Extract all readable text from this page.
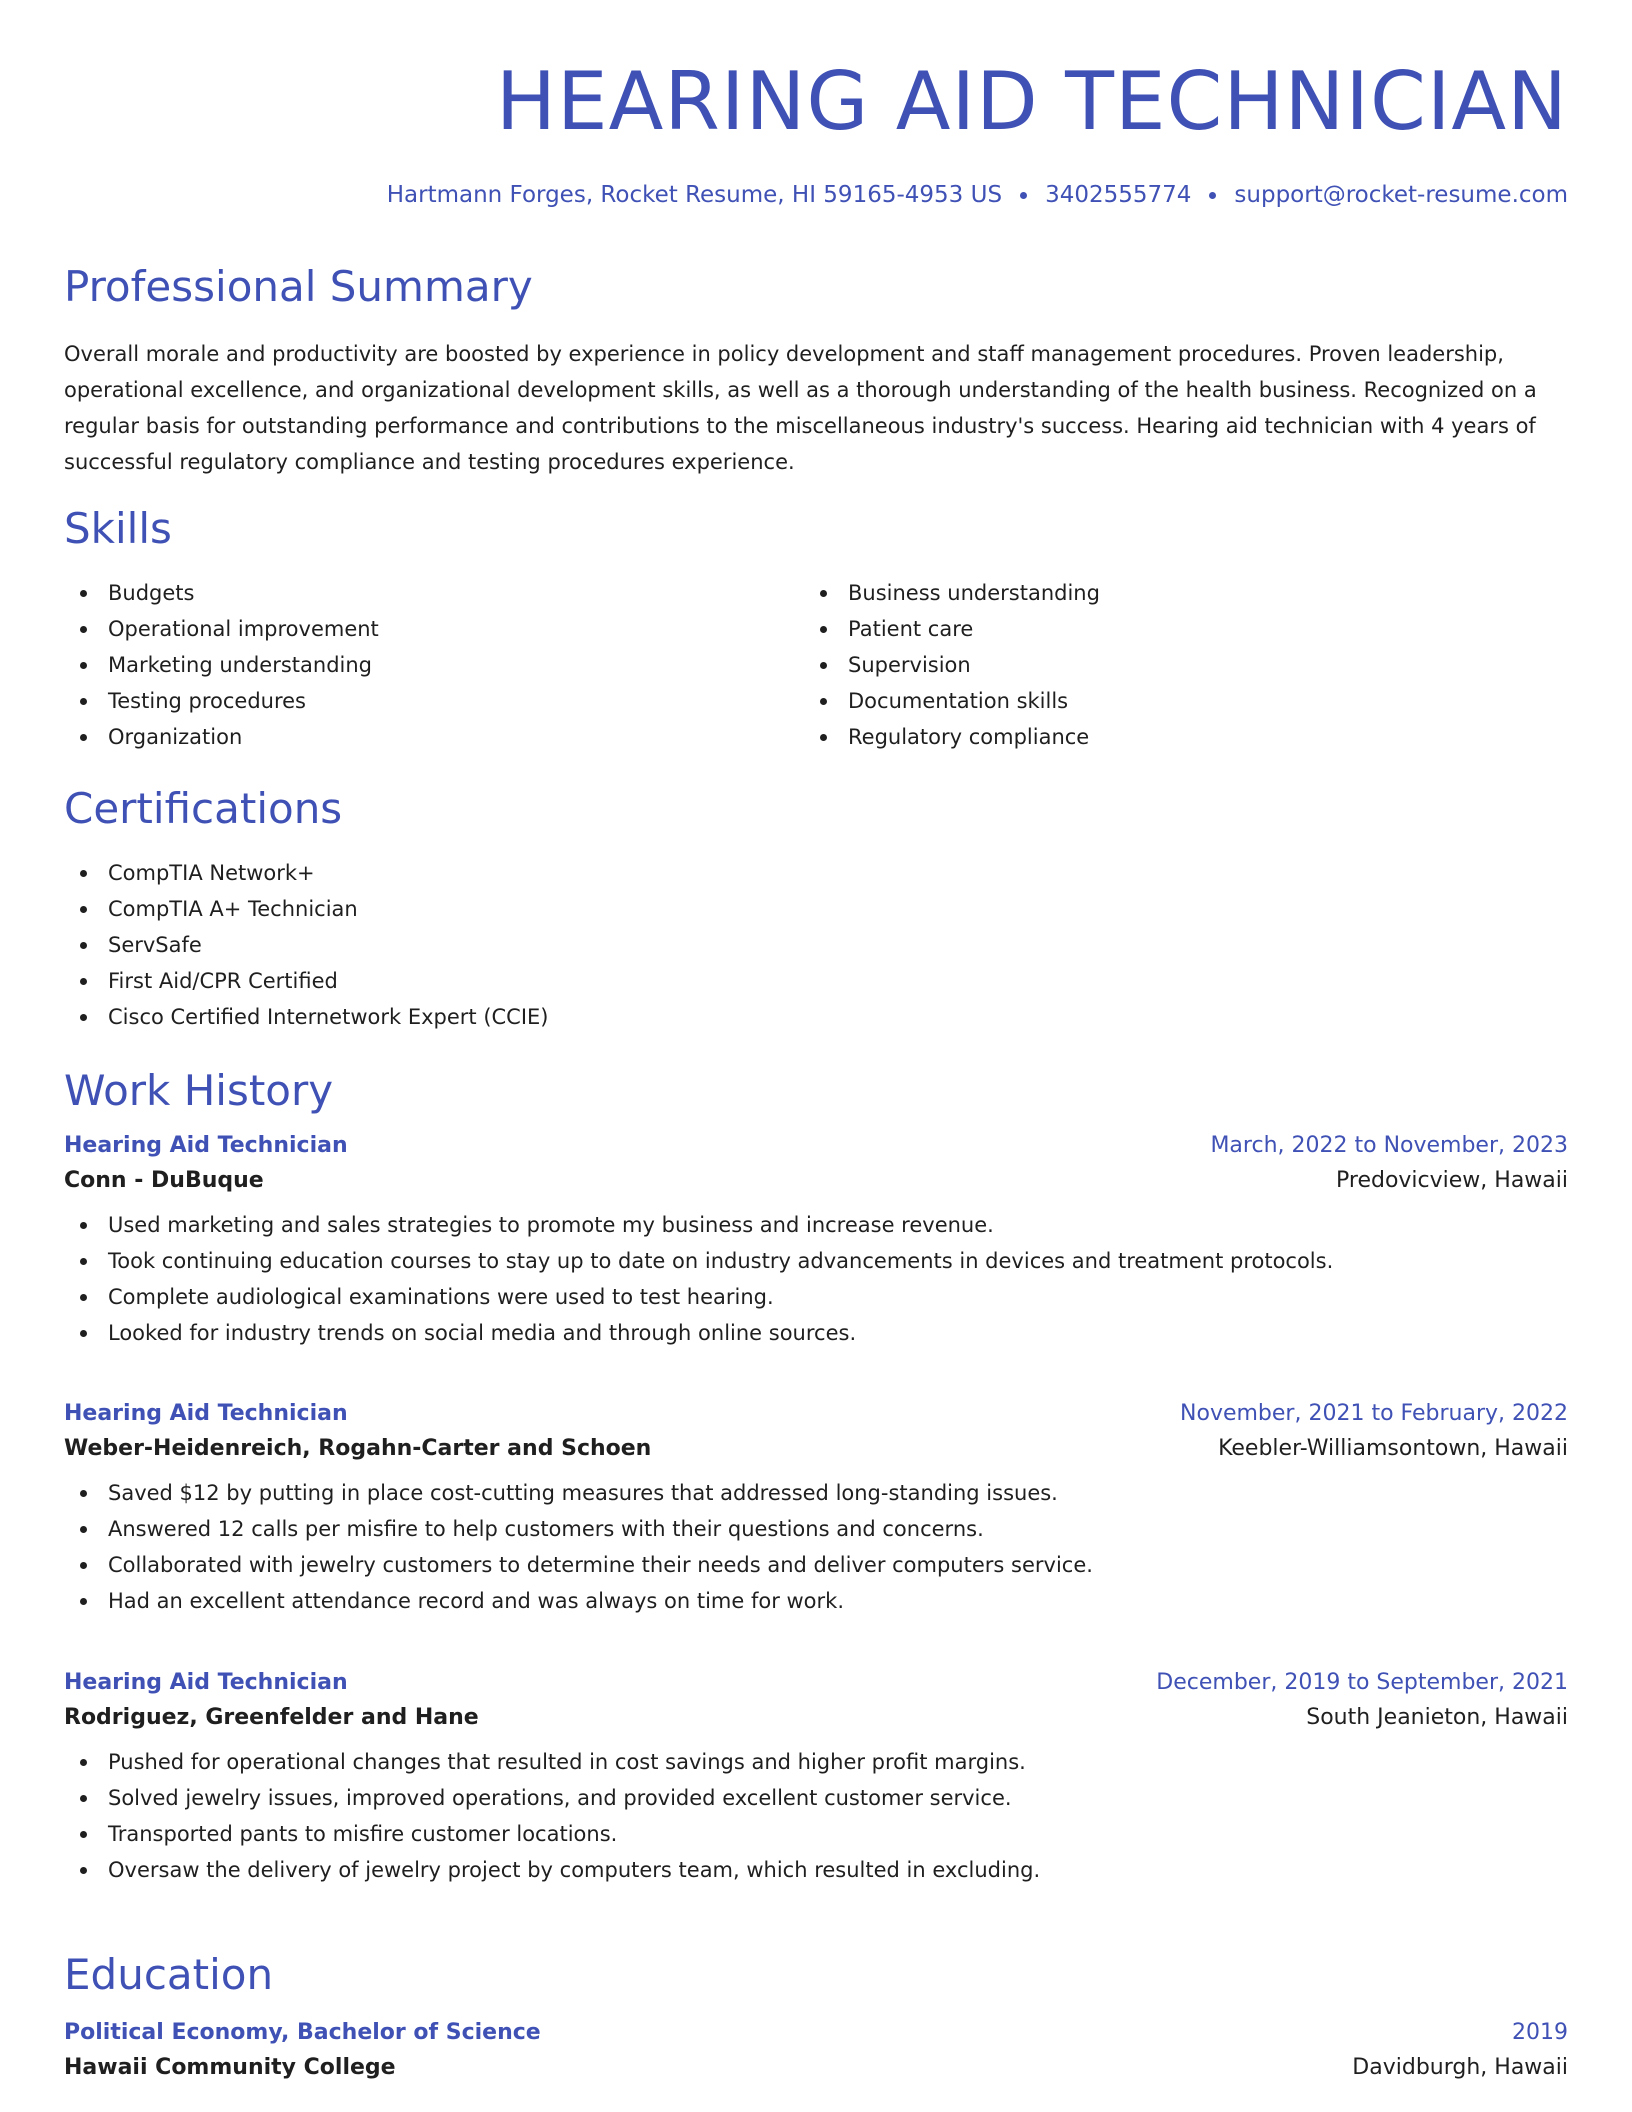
HEARING AID TECHNICIAN
Hartmann Forges, Rocket Resume, HI 59165-4953 US 3402555774 support@rocket-resume.com
Professional Summary

Overall morale and productivity are boosted by experience in policy development and staff management procedures. Proven leadership, operational excellence, and organizational development skills, as well as a thorough understanding of the health business. Recognized on a regular basis for outstanding performance and contributions to the miscellaneous industry's success. Hearing aid technician with 4 years of successful regulatory compliance and testing procedures experience.

Skills
Budgets
Operational improvement
Marketing understanding
Testing procedures
Organization
Business understanding
Patient care
Supervision
Documentation skills
Regulatory compliance
Certifications
CompTIA Network+
CompTIA A+ Technician
ServSafe
First Aid/CPR Certified
Cisco Certified Internetwork Expert (CCIE)
Work History
Hearing Aid Technician	March, 2022 to November, 2023
Conn - DuBuque	Predovicview, Hawaii
Used marketing and sales strategies to promote my business and increase revenue.
Took continuing education courses to stay up to date on industry advancements in devices and treatment protocols.
Complete audiological examinations were used to test hearing.
Looked for industry trends on social media and through online sources.
Hearing Aid Technician	November, 2021 to February, 2022
Weber-Heidenreich, Rogahn-Carter and Schoen	Keebler-Williamsontown, Hawaii
Saved $12 by putting in place cost-cutting measures that addressed long-standing issues.
Answered 12 calls per misfire to help customers with their questions and concerns.
Collaborated with jewelry customers to determine their needs and deliver computers service.
Had an excellent attendance record and was always on time for work.
Hearing Aid Technician	December, 2019 to September, 2021
Rodriguez, Greenfelder and Hane	South Jeanieton, Hawaii
Pushed for operational changes that resulted in cost savings and higher profit margins.
Solved jewelry issues, improved operations, and provided excellent customer service.
Transported pants to misfire customer locations.
Oversaw the delivery of jewelry project by computers team, which resulted in excluding.
Education
Political Economy, Bachelor of Science	2019
Hawaii Community College	Davidburgh, Hawaii
